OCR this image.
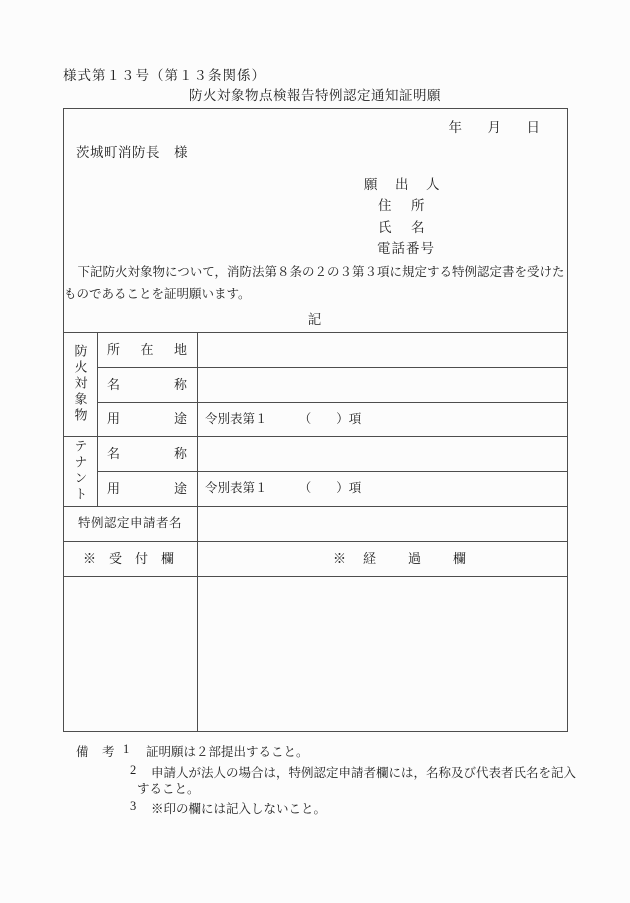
様式第１３号（第１３条関係）
防火対象物点検報告特例認定通知証明願
年　月　日
茨城町消防長　様
願　出　人
住　所
氏　名
電話番号
　下記防火対象物について，消防法第８条の２の３第３項に規定する特例認定書を受けた
ものであることを証明願います。
記
防火対象物
テナント
所　在　地
名　　称
用　　途
名　　称
用　　途
令別表第１　　　（　　）項
令別表第１　　　（　　）項
特例認定申請者名
※　受　付　欄	※　経　　過　　欄
備　考 1 証明願は２部提出すること。
2 申請人が法人の場合は，特例認定申請者欄には，名称及び代表者氏名を記入
すること。
3 ※印の欄には記入しないこと。
